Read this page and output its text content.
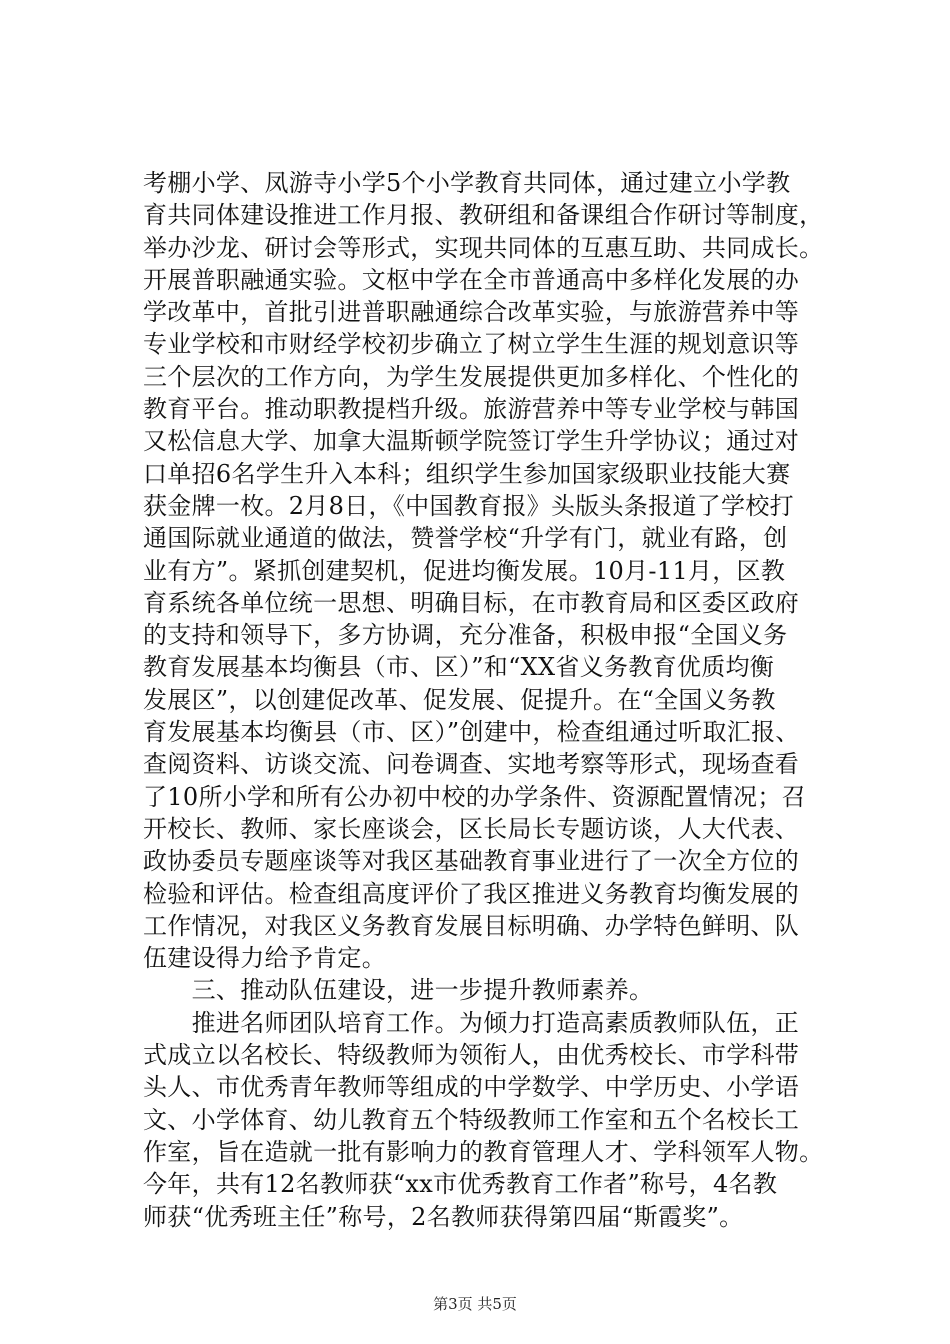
考棚小学、凤游寺小学5个小学教育共同体，通过建立小学教
育共同体建设推进工作月报、教研组和备课组合作研讨等制度，
举办沙龙、研讨会等形式，实现共同体的互惠互助、共同成长。
开展普职融通实验。文枢中学在全市普通高中多样化发展的办
学改革中，首批引进普职融通综合改革实验，与旅游营养中等
专业学校和市财经学校初步确立了树立学生生涯的规划意识等
三个层次的工作方向，为学生发展提供更加多样化、个性化的
教育平台。推动职教提档升级。旅游营养中等专业学校与韩国
又松信息大学、加拿大温斯顿学院签订学生升学协议；通过对
口单招6名学生升入本科；组织学生参加国家级职业技能大赛
获金牌一枚。2月8日，《中国教育报》头版头条报道了学校打
通国际就业通道的做法，赞誉学校“升学有门，就业有路，创
业有方”。紧抓创建契机，促进均衡发展。10月-11月，区教
育系统各单位统一思想、明确目标，在市教育局和区委区政府
的支持和领导下，多方协调，充分准备，积极申报“全国义务
教育发展基本均衡县（市、区）”和“XX省义务教育优质均衡
发展区”，以创建促改革、促发展、促提升。在“全国义务教
育发展基本均衡县（市、区）”创建中，检查组通过听取汇报、
查阅资料、访谈交流、问卷调查、实地考察等形式，现场查看
了10所小学和所有公办初中校的办学条件、资源配置情况；召
开校长、教师、家长座谈会，区长局长专题访谈，人大代表、
政协委员专题座谈等对我区基础教育事业进行了一次全方位的
检验和评估。检查组高度评价了我区推进义务教育均衡发展的
工作情况，对我区义务教育发展目标明确、办学特色鲜明、队
伍建设得力给予肯定。
　　三、推动队伍建设，进一步提升教师素养。
　　推进名师团队培育工作。为倾力打造高素质教师队伍，正
式成立以名校长、特级教师为领衔人，由优秀校长、市学科带
头人、市优秀青年教师等组成的中学数学、中学历史、小学语
文、小学体育、幼儿教育五个特级教师工作室和五个名校长工
作室，旨在造就一批有影响力的教育管理人才、学科领军人物。
今年，共有12名教师获“xx市优秀教育工作者”称号，4名教
师获“优秀班主任”称号，2名教师获得第四届“斯霞奖”。
第3页 共5页
